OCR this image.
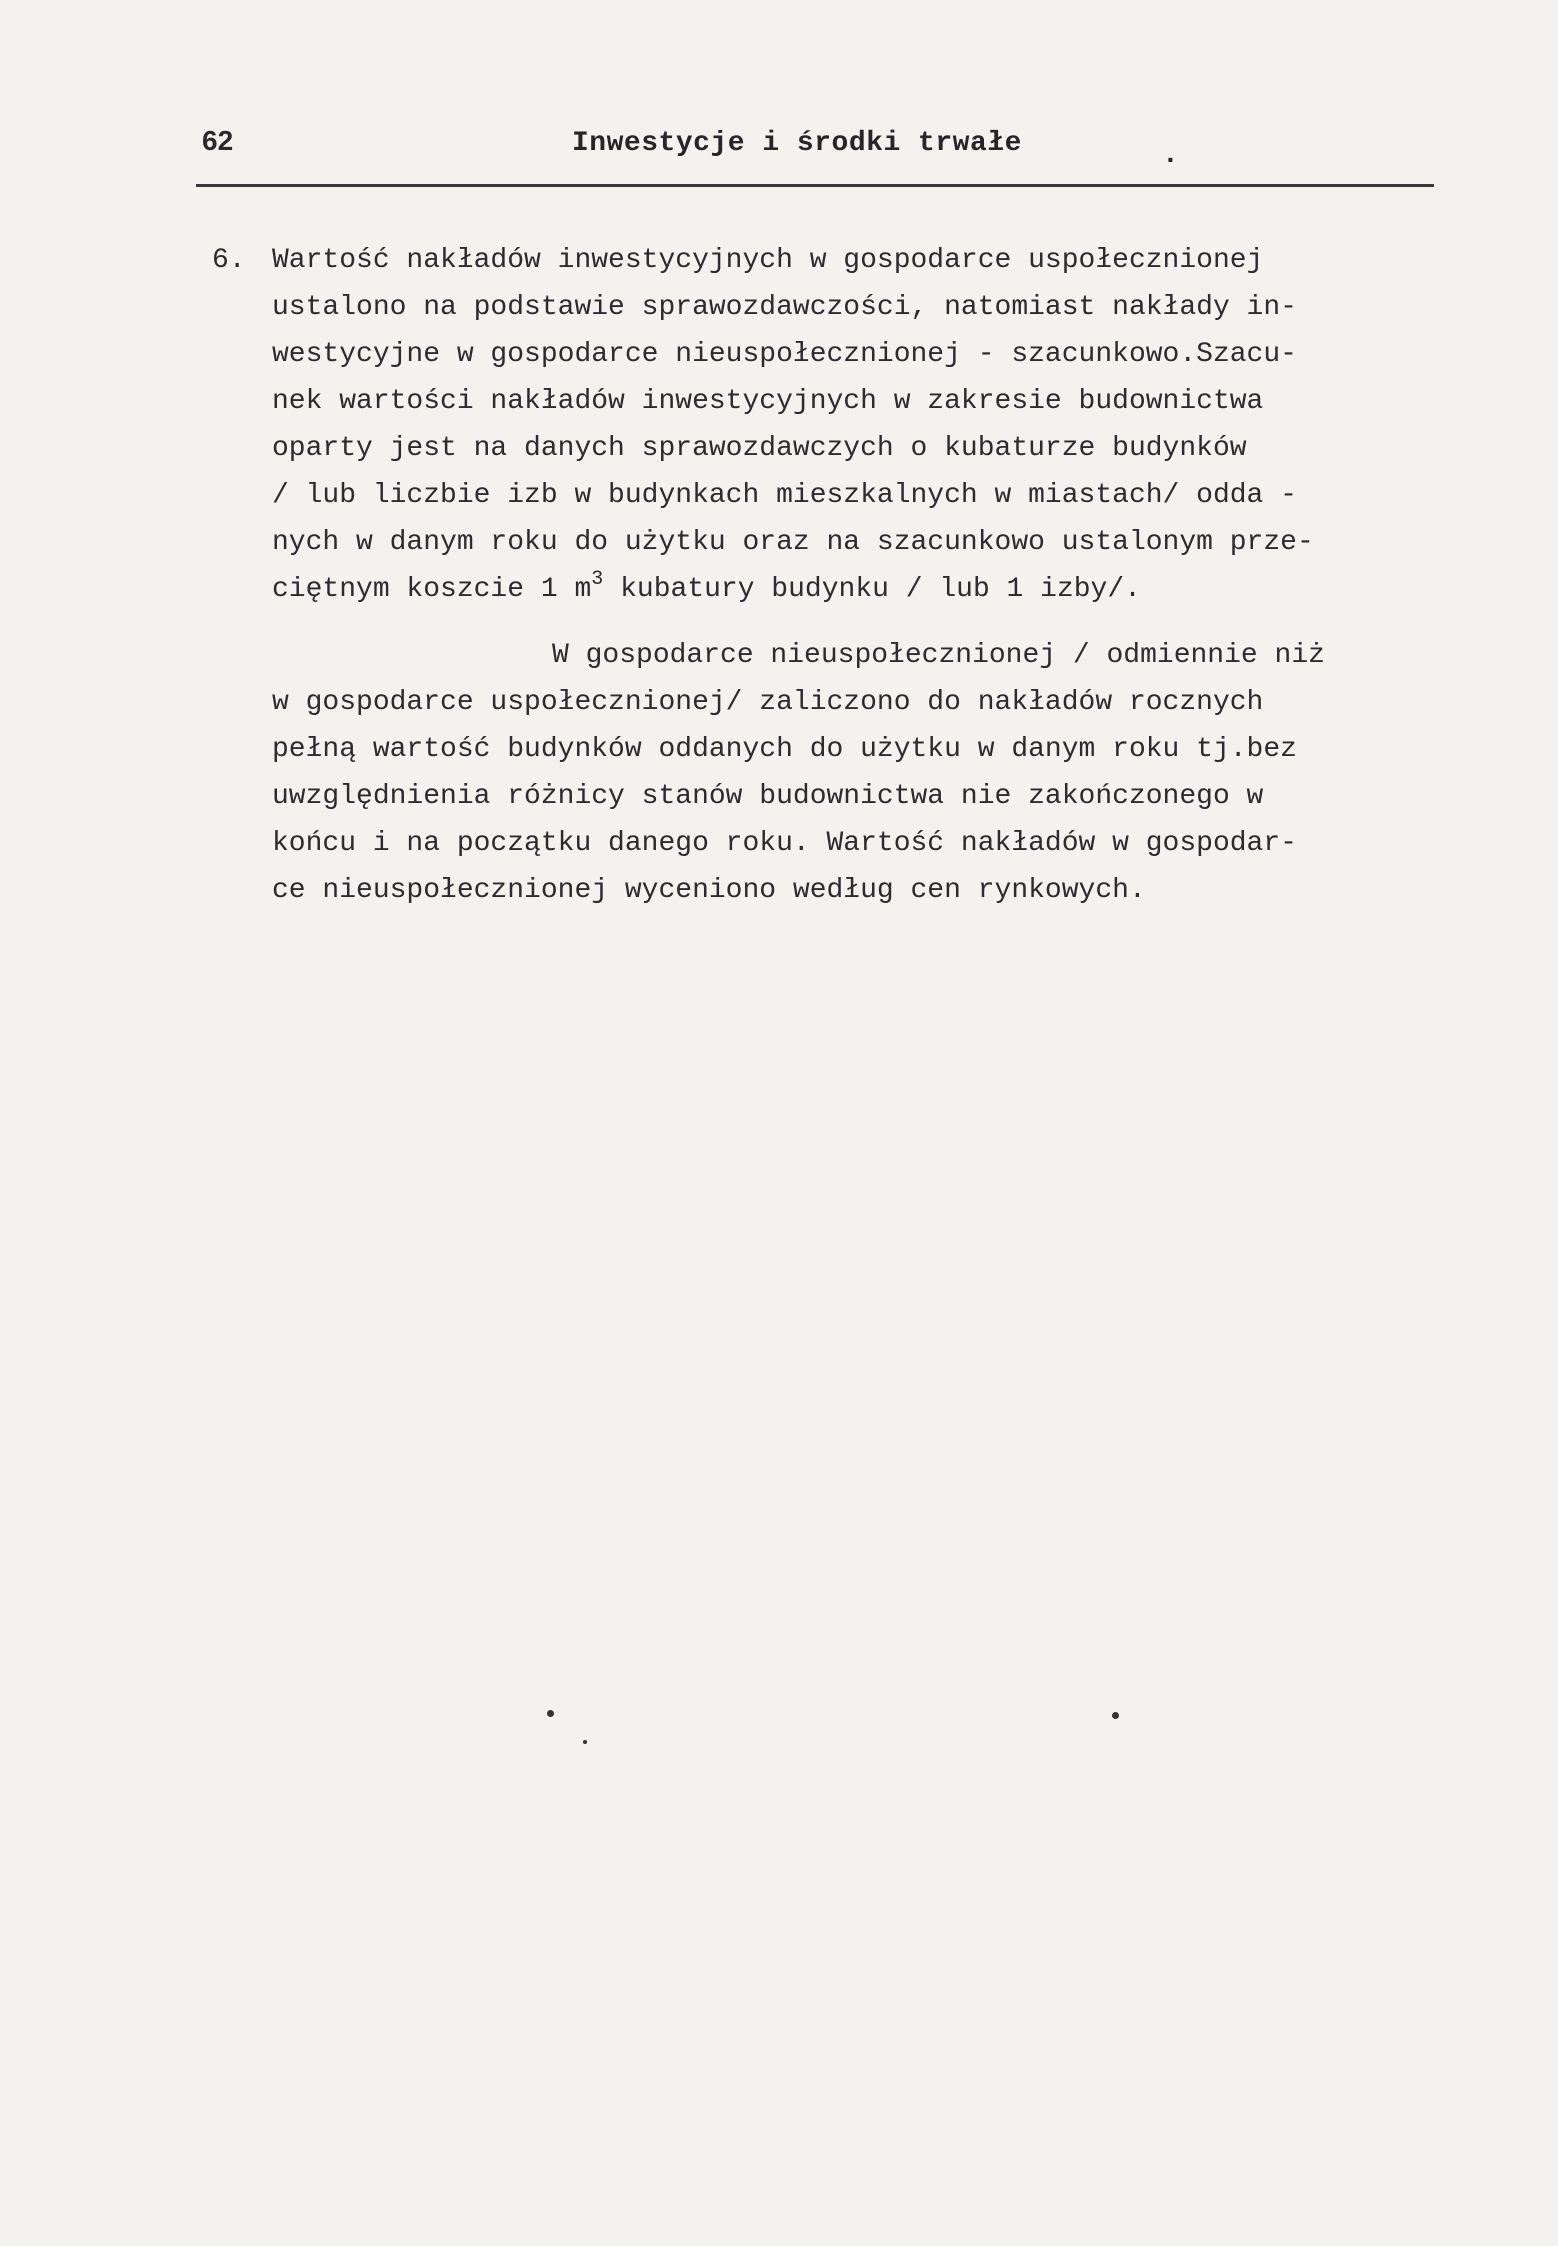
62	Inwestycje i środki trwałe	.
6. Wartość nakładów inwestycyjnych w gospodarce uspołecznionej
ustalono na podstawie sprawozdawczości, natomiast nakłady in-
westycyjne w gospodarce nieuspołecznionej - szacunkowo.Szacu-
nek wartości nakładów inwestycyjnych w zakresie budownictwa
oparty jest na danych sprawozdawczych o kubaturze budynków
/ lub liczbie izb w budynkach mieszkalnych w miastach/ odda -
nych w danym roku do użytku oraz na szacunkowo ustalonym prze-
ciętnym koszcie 1 $m^3$ kubatury budynku / lub 1 izby/.
W gospodarce nieuspołecznionej / odmiennie niż
w gospodarce uspołecznionej/ zaliczono do nakładów rocznych
pełną wartość budynków oddanych do użytku w danym roku tj.bez
uwzględnienia różnicy stanów budownictwa nie zakończonego w
końcu i na początku danego roku. Wartość nakładów w gospodar-
ce nieuspołecznionej wyceniono według cen rynkowych.
